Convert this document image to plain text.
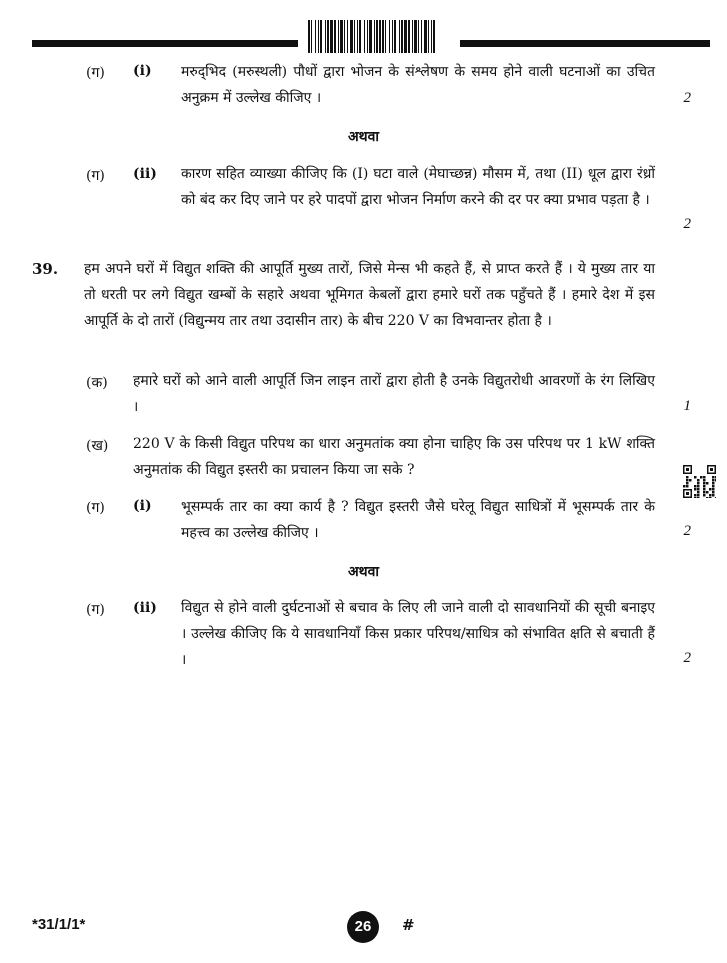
(ग) (i) मरुद्‌भिद (मरुस्थली) पौधों द्वारा भोजन के संश्लेषण के समय होने वाली घटनाओं का उचित अनुक्रम में उल्लेख कीजिए ।	2
अथवा
(ग) (ii) कारण सहित व्याख्या कीजिए कि (I) घटा वाले (मेघाच्छन्न) मौसम में, तथा (II) धूल द्वारा रंध्रों को बंद कर दिए जाने पर हरे पादपों द्वारा भोजन निर्माण करने की दर पर क्या प्रभाव पड़ता है ।
2
39. हम अपने घरों में विद्युत शक्ति की आपूर्ति मुख्य तारों, जिसे मेन्स भी कहते हैं, से प्राप्त करते हैं । ये मुख्य तार या तो धरती पर लगे विद्युत खम्बों के सहारे अथवा भूमिगत केबलों द्वारा हमारे घरों तक पहुँचते हैं । हमारे देश में इस आपूर्ति के दो तारों (विद्युन्मय तार तथा उदासीन तार) के बीच 220 V का विभवान्तर होता है ।
(क) हमारे घरों को आने वाली आपूर्ति जिन लाइन तारों द्वारा होती है उनके विद्युतरोधी आवरणों के रंग लिखिए ।	1
(ख) 220 V के किसी विद्युत परिपथ का धारा अनुमतांक क्या होना चाहिए कि उस परिपथ पर 1 kW शक्ति अनुमतांक की विद्युत इस्तरी का प्रचालन किया जा सके ?
(ग) (i) भूसम्पर्क तार का क्या कार्य है ? विद्युत इस्तरी जैसे घरेलू विद्युत साधित्रों में भूसम्पर्क तार के महत्त्व का उल्लेख कीजिए ।	2
अथवा
(ग) (ii) विद्युत से होने वाली दुर्घटनाओं से बचाव के लिए ली जाने वाली दो सावधानियों की सूची बनाइए । उल्लेख कीजिए कि ये सावधानियाँ किस प्रकार परिपथ/साधित्र को संभावित क्षति से बचाती हैं ।	2
*31/1/1*	26	#
